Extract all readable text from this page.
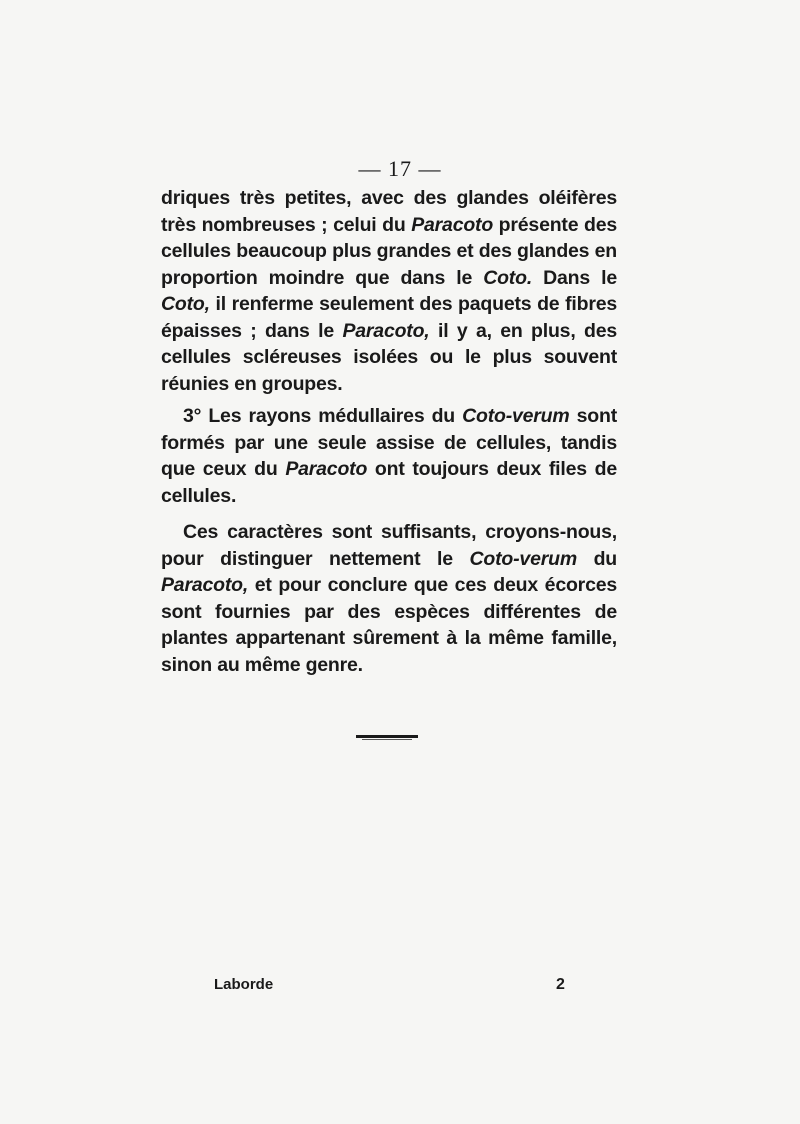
— 17 —

driques très petites, avec des glandes oléifères très nombreuses ; celui du Paracoto présente des cellules beaucoup plus grandes et des glandes en proportion moindre que dans le Coto. Dans le Coto, il renferme seulement des paquets de fibres épaisses ; dans le Paracoto, il y a, en plus, des cellules scléreuses isolées ou le plus souvent réunies en groupes.

3° Les rayons médullaires du Coto-verum sont formés par une seule assise de cellules, tandis que ceux du Paracoto ont toujours deux files de cellules.

Ces caractères sont suffisants, croyons-nous, pour distinguer nettement le Coto-verum du Paracoto, et pour conclure que ces deux écorces sont fournies par des espèces différentes de plantes appartenant sûrement à la même famille, sinon au même genre.

Laborde	2
